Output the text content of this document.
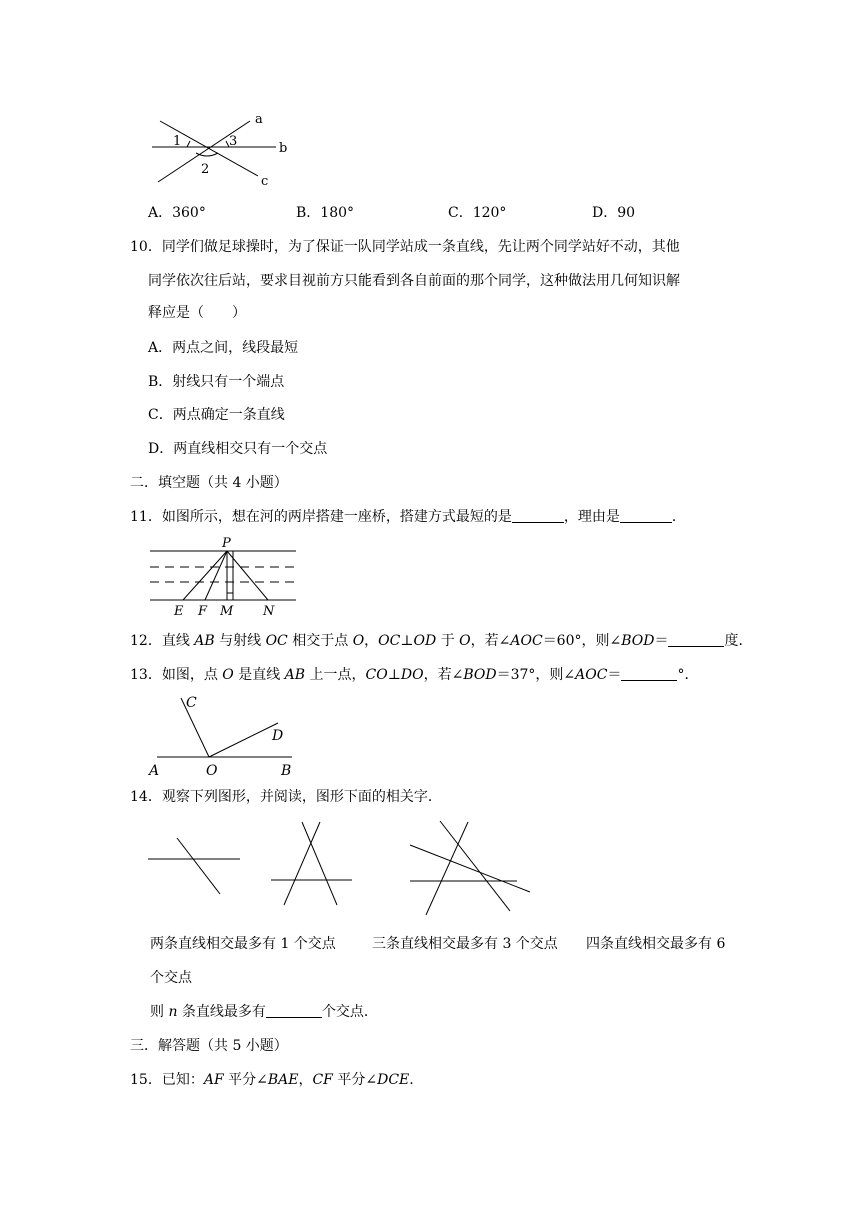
1	3
2
a
b
c
A．360°	B．180°	C．120°	D．90
10．同学们做足球操时，为了保证一队同学站成一条直线，先让两个同学站好不动，其他
同学依次往后站，要求目视前方只能看到各自前面的那个同学，这种做法用几何知识解
释应是（　　）
A．两点之间，线段最短
B．射线只有一个端点
C．两点确定一条直线
D．两直线相交只有一个交点
二．填空题（共 4 小题）
11．如图所示，想在河的两岸搭建一座桥，搭建方式最短的是	，理由是	．
P
E F M N
12．直线 AB 与射线 OC 相交于点 O，OC⊥OD 于 O，若∠AOC＝60°，则∠BOD＝	度．
13．如图，点 O 是直线 AB 上一点，CO⊥DO，若∠BOD＝37°，则∠AOC＝	°．
A	O	B
C
D
14．观察下列图形，并阅读，图形下面的相关字．
两条直线相交最多有 1 个交点	三条直线相交最多有 3 个交点 四条直线相交最多有 6
个交点
则 n 条直线最多有	个交点．
三．解答题（共 5 小题）
15．已知：AF 平分∠BAE，CF 平分∠DCE.
